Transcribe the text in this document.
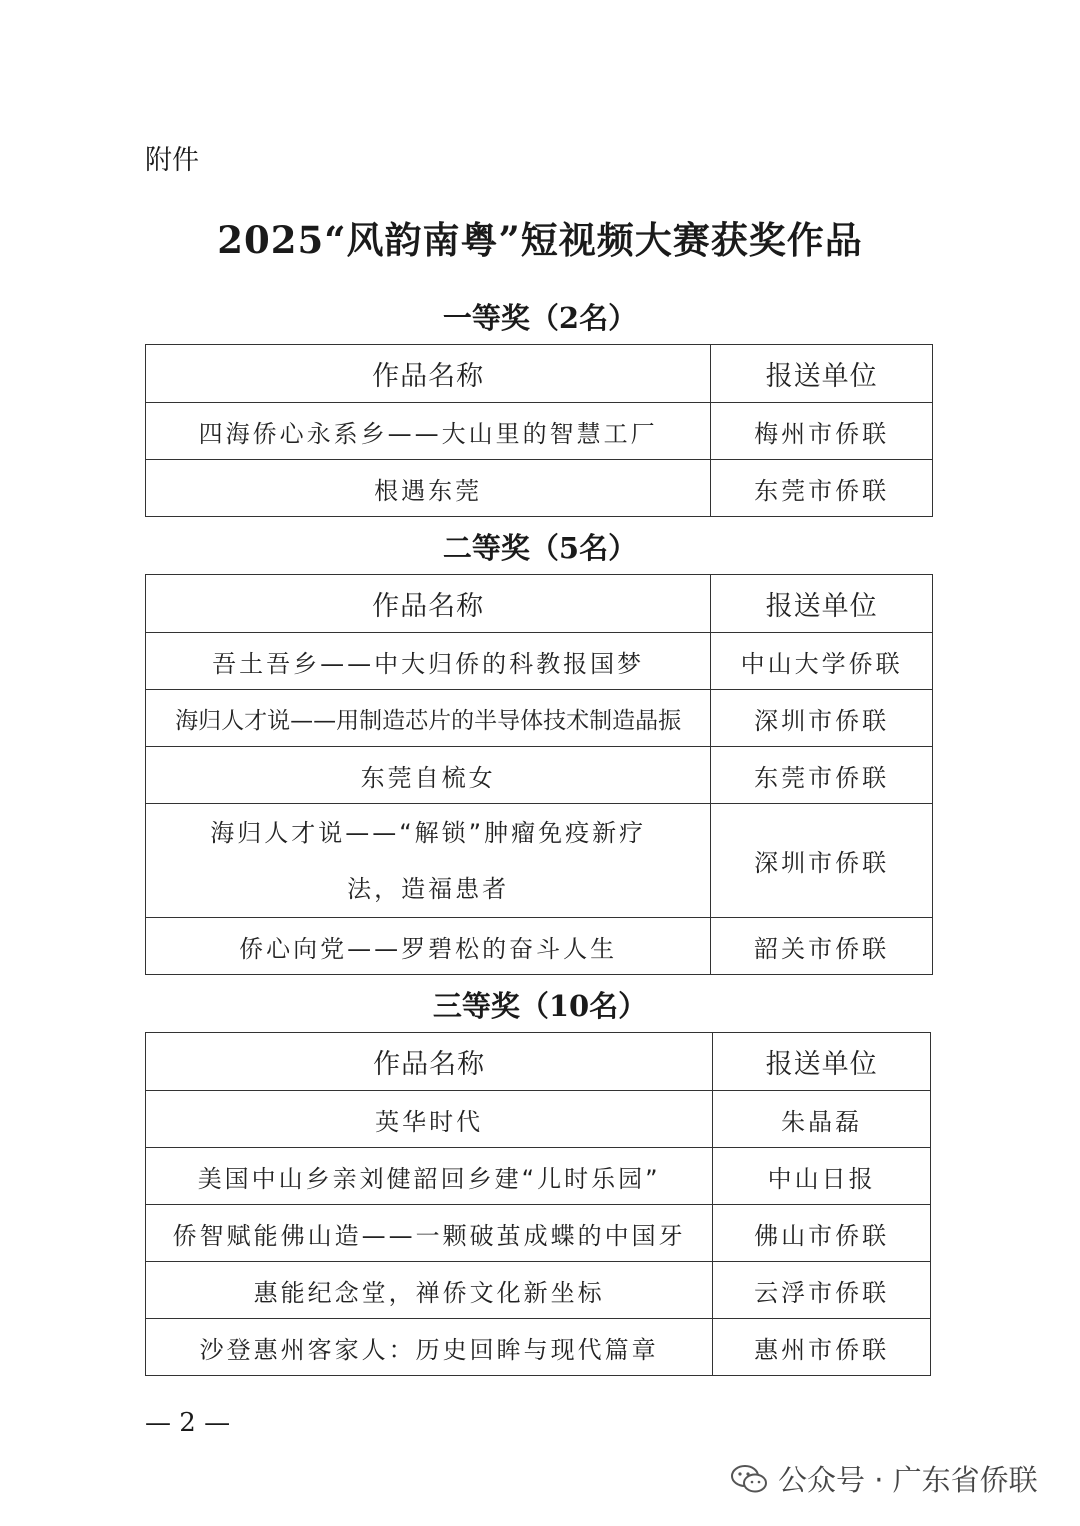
附件
2025“风韵南粤”短视频大赛获奖作品
一等奖（2名）
作品名称	报送单位
四海侨心永系乡——大山里的智慧工厂	梅州市侨联
根遇东莞	东莞市侨联
二等奖（5名）
作品名称	报送单位
吾土吾乡——中大归侨的科教报国梦	中山大学侨联
海归人才说——用制造芯片的半导体技术制造晶振	深圳市侨联
东莞自梳女	东莞市侨联
海归人才说——“解锁”肿瘤免疫新疗法，造福患者	深圳市侨联
侨心向党——罗碧松的奋斗人生	韶关市侨联
三等奖（10名）
作品名称	报送单位
英华时代	朱晶磊
美国中山乡亲刘健韶回乡建“儿时乐园”	中山日报
侨智赋能佛山造——一颗破茧成蝶的中国牙	佛山市侨联
惠能纪念堂，禅侨文化新坐标	云浮市侨联
沙登惠州客家人：历史回眸与现代篇章	惠州市侨联
— 2 —
公众号 · 广东省侨联
